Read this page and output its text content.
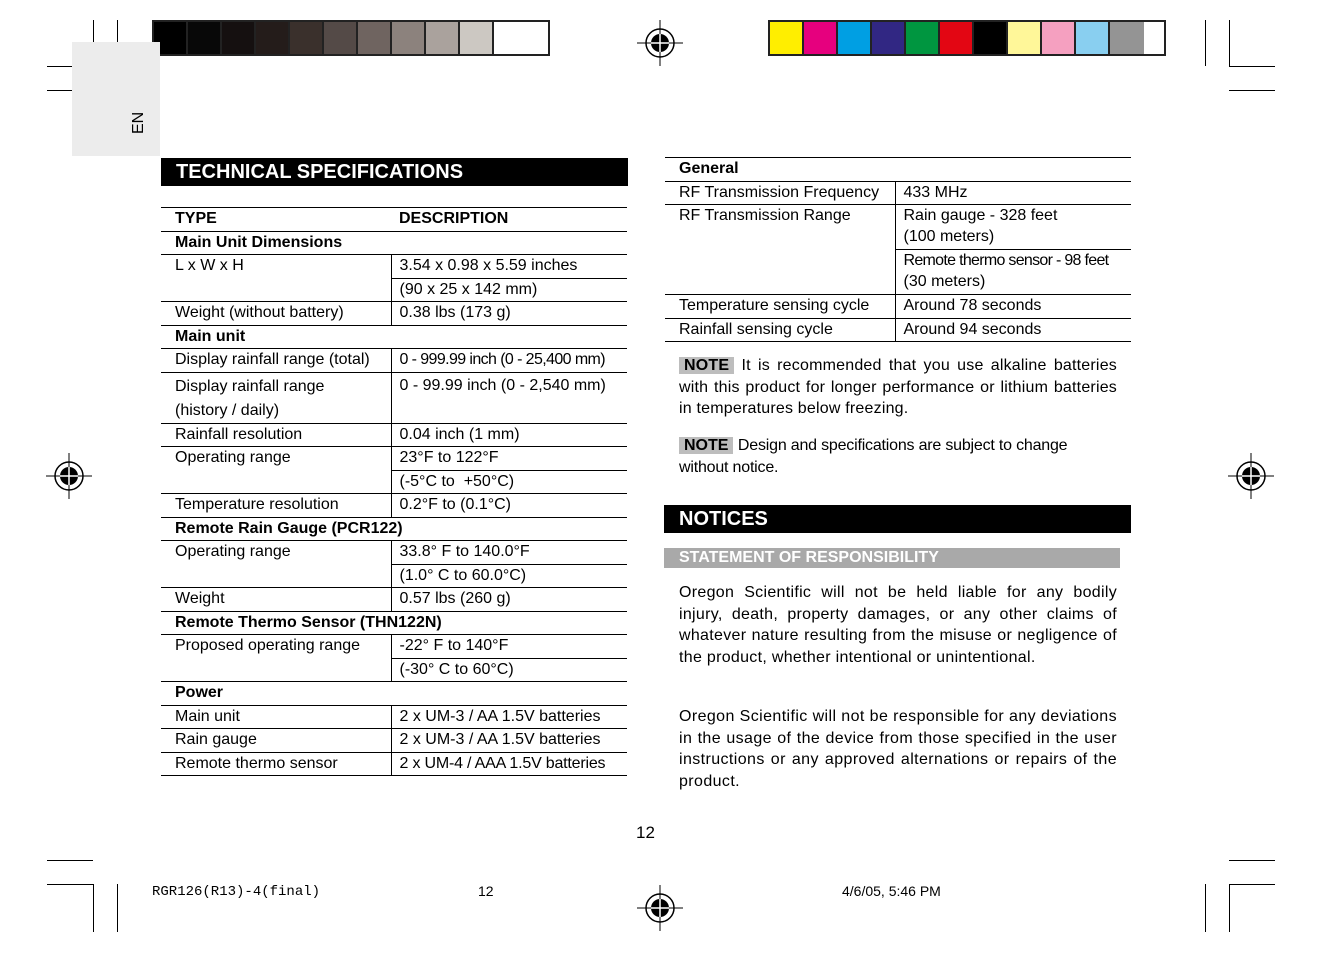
EN
TECHNICAL SPECIFICATIONS
TYPE	DESCRIPTION
Main Unit Dimensions	
L x W x H	3.54 x 0.98 x 5.59 inches
	(90 x 25 x 142 mm)
Weight (without battery)	0.38 lbs (173 g)
Main unit	
Display rainfall range (total)	0 - 999.99 inch (0 - 25,400 mm)

Display rainfall range
(history / daily)	0 - 99.99 inch (0 - 2,540 mm)
Rainfall resolution	0.04 inch (1 mm)
Operating range	23°F to 122°F
	(-5°C to  +50°C)
Temperature resolution	0.2°F to (0.1°C)
Remote Rain Gauge (PCR122)	
Operating range	33.8° F to 140.0°F
	(1.0° C to 60.0°C)
Weight	0.57 lbs (260 g)
Remote Thermo Sensor (THN122N)	
Proposed operating range	-22° F to 140°F
	(-30° C to 60°C)
Power	
Main unit	2 x UM-3 / AA 1.5V batteries
Rain gauge	2 x UM-3 / AA 1.5V batteries
Remote thermo sensor	2 x UM-4 / AAA 1.5V batteries
General	
RF Transmission Frequency	433 MHz
RF Transmission Range	Rain gauge - 328 feet
(100 meters)

	Remote thermo sensor - 98 feet
(30 meters)

Temperature sensing cycle	Around 78 seconds
Rainfall sensing cycle	Around 94 seconds
NOTE It is recommended that you use alkaline batteries with this product for longer performance or lithium batteries in temperatures below freezing.
NOTE Design and specifications are subject to change without notice.
NOTICES
STATEMENT OF RESPONSIBILITY
Oregon Scientific will not be held liable for any bodily injury, death, property damages, or any other claims of whatever nature resulting from the misuse or negligence of the product, whether intentional or unintentional.
Oregon Scientific will not be responsible for any deviations in the usage of the device from those specified in the user instructions or any approved alternations or repairs of the product.
12
RGR126(R13)-4(final)	12	4/6/05, 5:46 PM
